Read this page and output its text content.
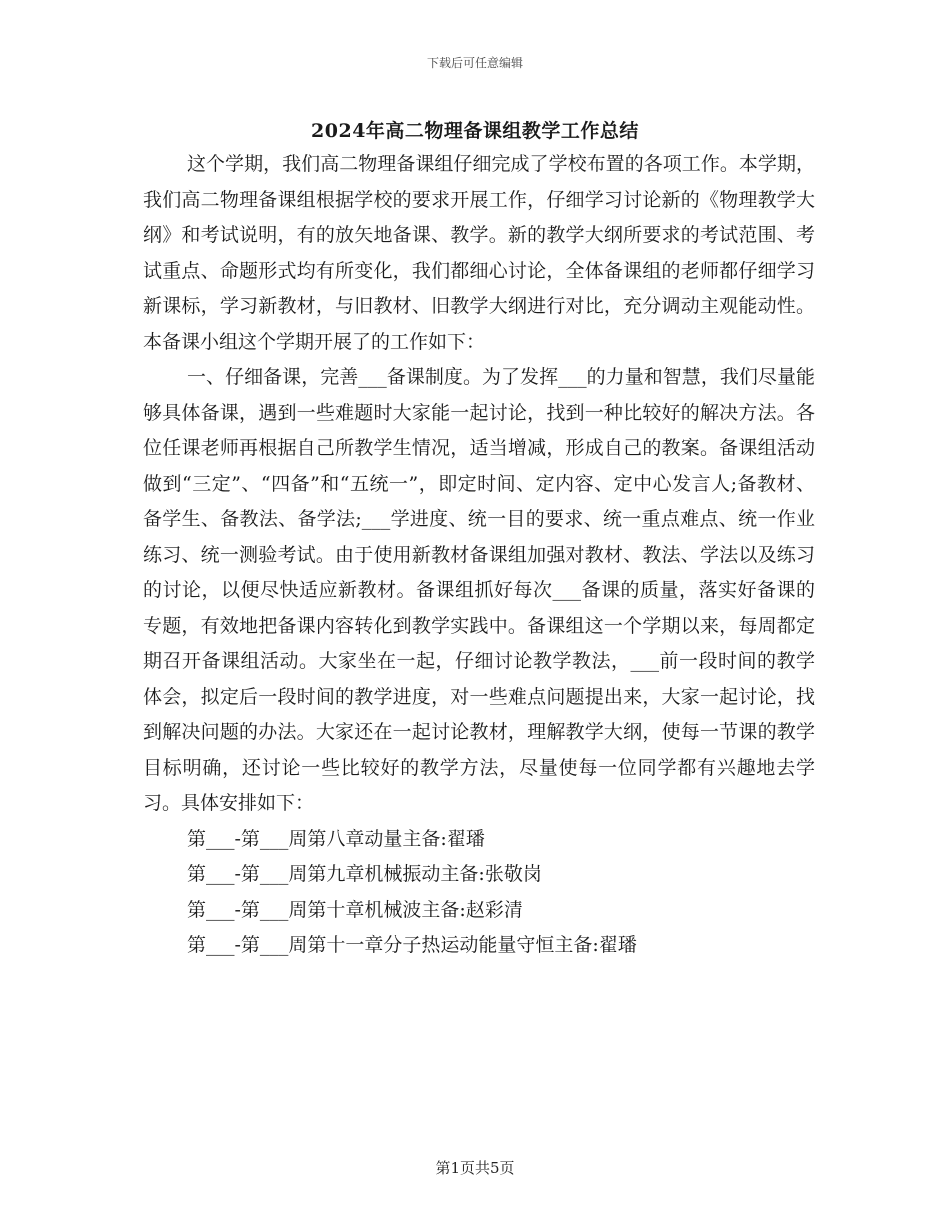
下载后可任意编辑
2024年高二物理备课组教学工作总结

这个学期，我们高二物理备课组仔细完成了学校布置的各项工作。本学期，我们高二物理备课组根据学校的要求开展工作，仔细学习讨论新的《物理教学大纲》和考试说明，有的放矢地备课、教学。新的教学大纲所要求的考试范围、考试重点、命题形式均有所变化，我们都细心讨论，全体备课组的老师都仔细学习新课标，学习新教材，与旧教材、旧教学大纲进行对比，充分调动主观能动性。本备课小组这个学期开展了的工作如下：

一、仔细备课，完善___备课制度。为了发挥___的力量和智慧，我们尽量能够具体备课，遇到一些难题时大家能一起讨论，找到一种比较好的解决方法。各位任课老师再根据自己所教学生情况，适当增减，形成自己的教案。备课组活动做到“三定”、“四备”和“五统一”，即定时间、定内容、定中心发言人;备教材、备学生、备教法、备学法;___学进度、统一目的要求、统一重点难点、统一作业练习、统一测验考试。由于使用新教材备课组加强对教材、教法、学法以及练习的讨论，以便尽快适应新教材。备课组抓好每次___备课的质量，落实好备课的专题，有效地把备课内容转化到教学实践中。备课组这一个学期以来，每周都定期召开备课组活动。大家坐在一起，仔细讨论教学教法，___前一段时间的教学体会，拟定后一段时间的教学进度，对一些难点问题提出来，大家一起讨论，找到解决问题的办法。大家还在一起讨论教材，理解教学大纲，使每一节课的教学目标明确，还讨论一些比较好的教学方法，尽量使每一位同学都有兴趣地去学习。具体安排如下：

第___-第___周第八章动量主备:翟璠

第___-第___周第九章机械振动主备:张敬岗

第___-第___周第十章机械波主备:赵彩清

第___-第___周第十一章分子热运动能量守恒主备:翟璠

第1页共5页
